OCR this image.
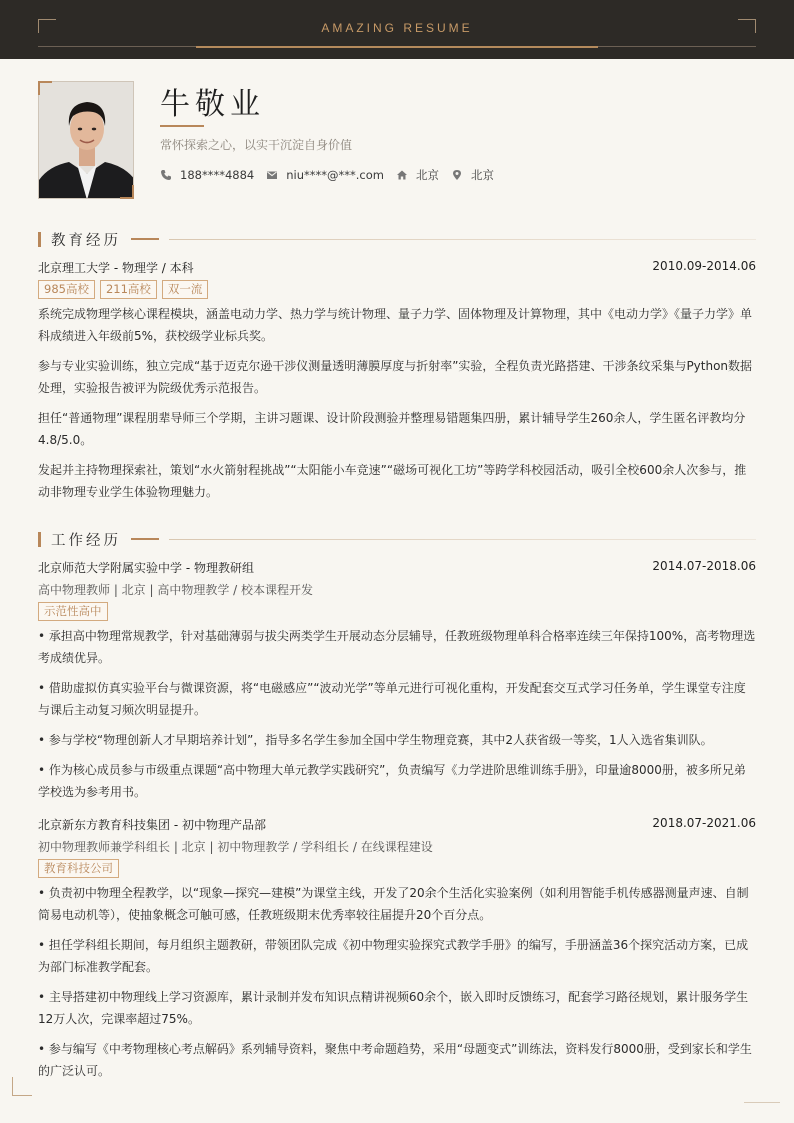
AMAZING RESUME
牛敬业
常怀探索之心，以实干沉淀自身价值
188****4884	niu****@***.com	北京	北京
教育经历
北京理工大学 - 物理学 / 本科	2010.09-2014.06
985高校	211高校	双一流
系统完成物理学核心课程模块，涵盖电动力学、热力学与统计物理、量子力学、固体物理及计算物理，其中《电动力学》《量子力学》单科成绩进入年级前5%，获校级学业标兵奖。
参与专业实验训练，独立完成“基于迈克尔逊干涉仪测量透明薄膜厚度与折射率”实验，全程负责光路搭建、干涉条纹采集与Python数据处理，实验报告被评为院级优秀示范报告。
担任“普通物理”课程朋辈导师三个学期，主讲习题课、设计阶段测验并整理易错题集四册，累计辅导学生260余人，学生匿名评教均分4.8/5.0。
发起并主持物理探索社，策划“水火箭射程挑战”“太阳能小车竞速”“磁场可视化工坊”等跨学科校园活动，吸引全校600余人次参与，推动非物理专业学生体验物理魅力。
工作经历
北京师范大学附属实验中学 - 物理教研组	2014.07-2018.06
高中物理教师 | 北京 | 高中物理教学 / 校本课程开发
示范性高中
• 承担高中物理常规教学，针对基础薄弱与拔尖两类学生开展动态分层辅导，任教班级物理单科合格率连续三年保持100%，高考物理选考成绩优异。
• 借助虚拟仿真实验平台与微课资源，将“电磁感应”“波动光学”等单元进行可视化重构，开发配套交互式学习任务单，学生课堂专注度与课后主动复习频次明显提升。
• 参与学校“物理创新人才早期培养计划”，指导多名学生参加全国中学生物理竞赛，其中2人获省级一等奖，1人入选省集训队。
• 作为核心成员参与市级重点课题“高中物理大单元教学实践研究”，负责编写《力学进阶思维训练手册》，印量逾8000册，被多所兄弟学校选为参考用书。
北京新东方教育科技集团 - 初中物理产品部	2018.07-2021.06
初中物理教师兼学科组长 | 北京 | 初中物理教学 / 学科组长 / 在线课程建设
教育科技公司
• 负责初中物理全程教学，以“现象—探究—建模”为课堂主线，开发了20余个生活化实验案例（如利用智能手机传感器测量声速、自制简易电动机等），使抽象概念可触可感，任教班级期末优秀率较往届提升20个百分点。
• 担任学科组长期间，每月组织主题教研，带领团队完成《初中物理实验探究式教学手册》的编写，手册涵盖36个探究活动方案，已成为部门标准教学配套。
• 主导搭建初中物理线上学习资源库，累计录制并发布知识点精讲视频60余个，嵌入即时反馈练习，配套学习路径规划，累计服务学生12万人次，完课率超过75%。
• 参与编写《中考物理核心考点解码》系列辅导资料，聚焦中考命题趋势，采用“母题变式”训练法，资料发行8000册，受到家长和学生的广泛认可。
